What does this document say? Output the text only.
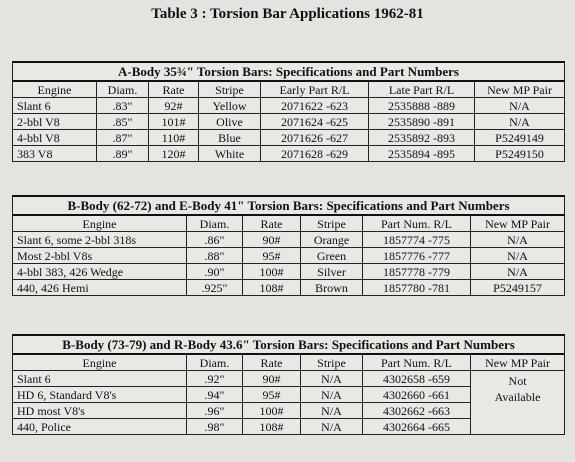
Table 3 : Torsion Bar Applications 1962-81
A-Body 35¾" Torsion Bars: Specifications and Part Numbers						
Engine	Diam.	Rate	Stripe	Early Part R/L	Late Part R/L	New MP Pair
Slant 6	.83"	92#	Yellow	2071622 -623	2535888 -889	N/A
2-bbl V8	.85"	101#	Olive	2071624 -625	2535890 -891	N/A
4-bbl V8	.87"	110#	Blue	2071626 -627	2535892 -893	P5249149
383 V8	.89"	120#	White	2071628 -629	2535894 -895	P5249150
B-Body (62-72) and E-Body 41" Torsion Bars: Specifications and Part Numbers					
Engine	Diam.	Rate	Stripe	Part Num. R/L	New MP Pair
Slant 6, some 2-bbl 318s	.86"	90#	Orange	1857774 -775	N/A
Most 2-bbl V8s	.88"	95#	Green	1857776 -777	N/A
4-bbl 383, 426 Wedge	.90"	100#	Silver	1857778 -779	N/A
440, 426 Hemi	.925"	108#	Brown	1857780 -781	P5249157
B-Body (73-79) and R-Body 43.6" Torsion Bars: Specifications and Part Numbers					
Engine	Diam.	Rate	Stripe	Part Num. R/L	New MP Pair
Slant 6	.92"	90#	N/A	4302658 -659	Not
Available
HD 6, Standard V8's	.94"	95#	N/A	4302660 -661	
HD most V8's	.96"	100#	N/A	4302662 -663	
440, Police	.98"	108#	N/A	4302664 -665	
